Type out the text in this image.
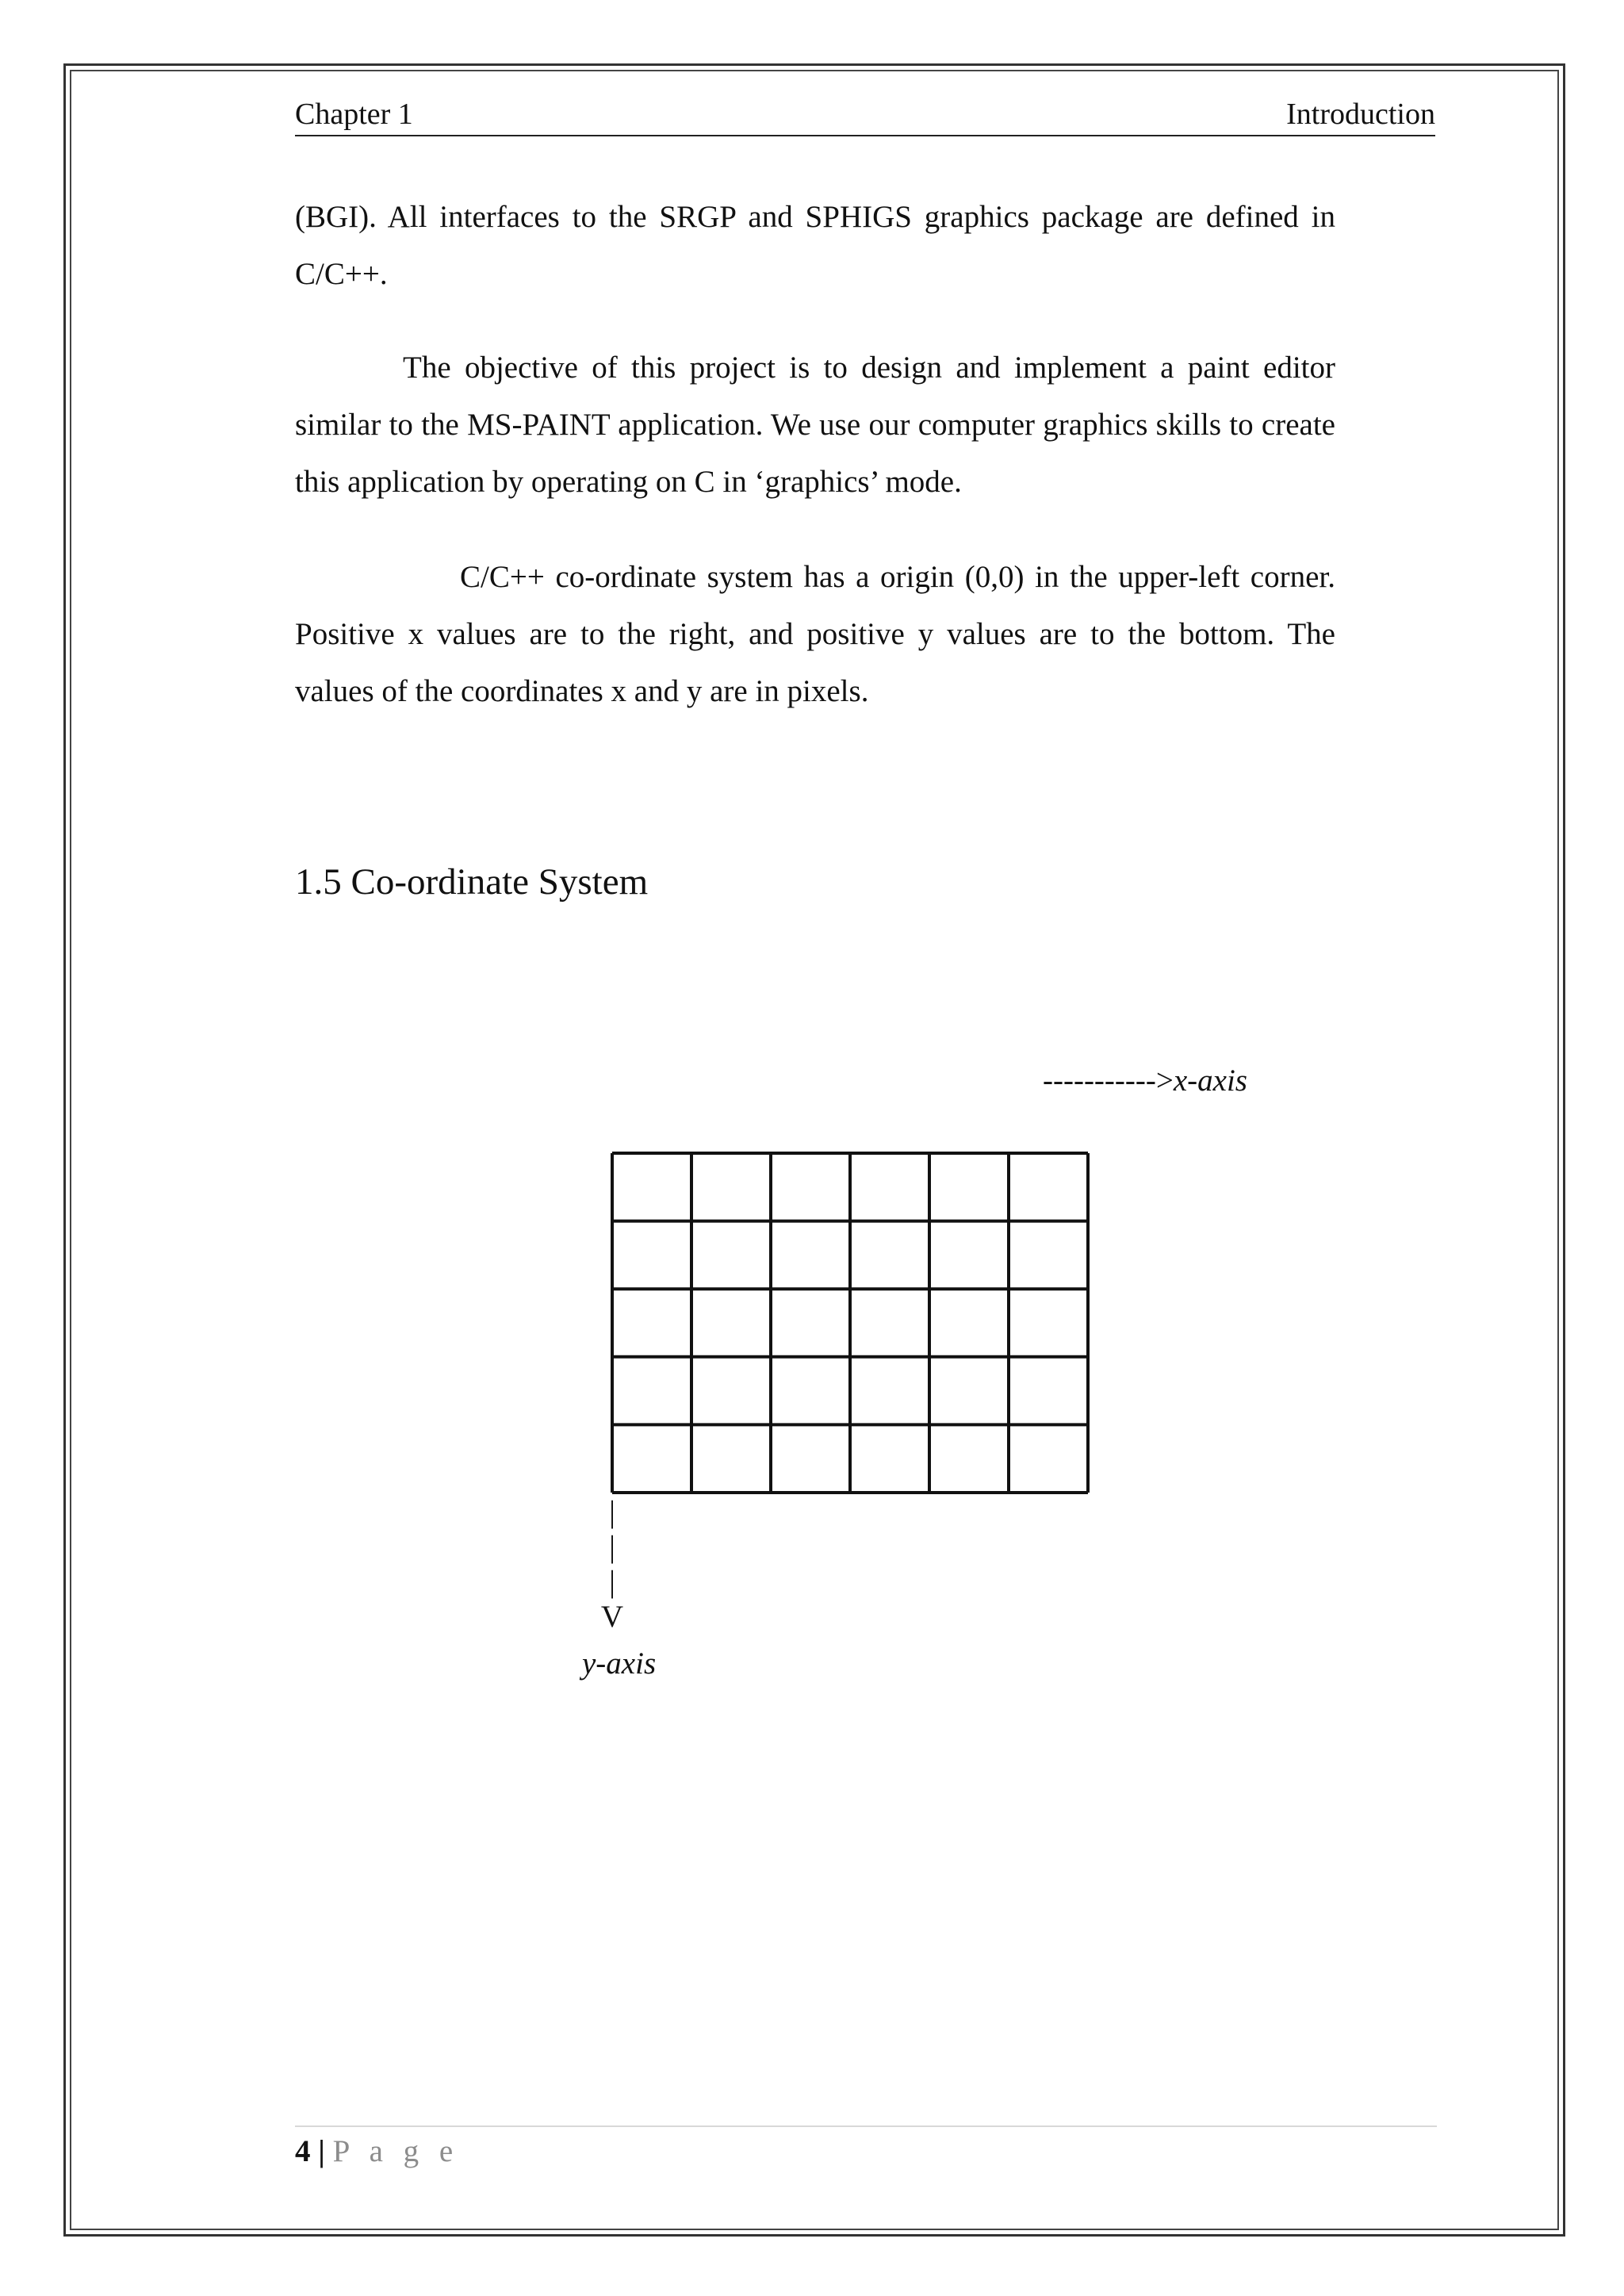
Chapter 1	Introduction

(BGI). All interfaces to the SRGP and SPHIGS graphics package are defined in C/C++.

The objective of this project is to design and implement a paint editor similar to the MS-PAINT application. We use our computer graphics skills to create this application by operating on C in ‘graphics’ mode.

C/C++ co-ordinate system has a origin (0,0) in the upper-left corner. Positive x values are to the right, and positive y values are to the bottom. The values of the coordinates x and y are in pixels.

1.5 Co-ordinate System
----------->x-axis
|
|
|
V
y-axis
4 | P a g e
